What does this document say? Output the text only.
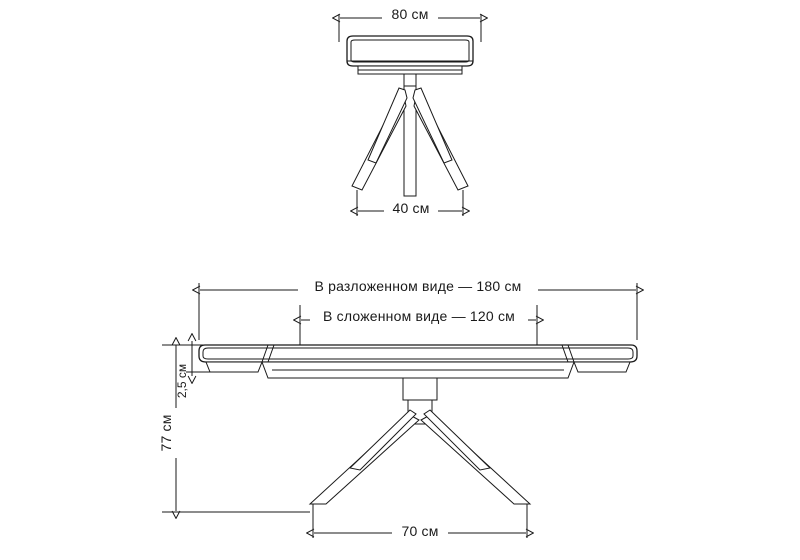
80 см
40 см
В разложенном виде — 180 см
В сложенном виде — 120 см
2,5 см
77 см
70 см
